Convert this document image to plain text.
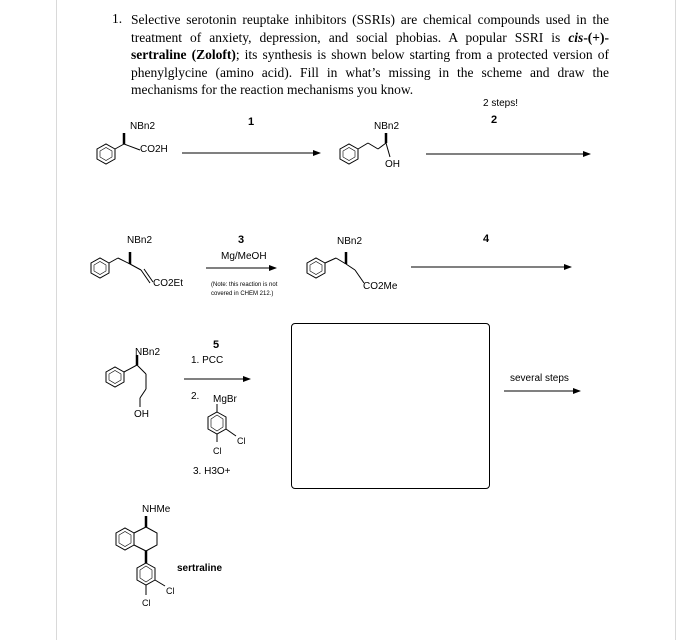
1. Selective serotonin reuptake inhibitors (SSRIs) are chemical compounds used in the treatment of anxiety, depression, and social phobias. A popular SSRI is cis-(+)-sertraline (Zoloft); its synthesis is shown below starting from a protected version of phenylglycine (amino acid). Fill in what’s missing in the scheme and draw the mechanisms for the reaction mechanisms you know.
NBn2
CO2H
1	NBn2
OH
2 steps!
2
NBn2
CO2Et
3
Mg/MeOH
(Note: this reaction is not covered in CHEM 212.)
NBn2
CO2Me
4
NBn2
OH
5
1. PCC
2. MgBr
Cl
Cl
3. H3O+
several steps
NHMe
Cl
Cl
sertraline
